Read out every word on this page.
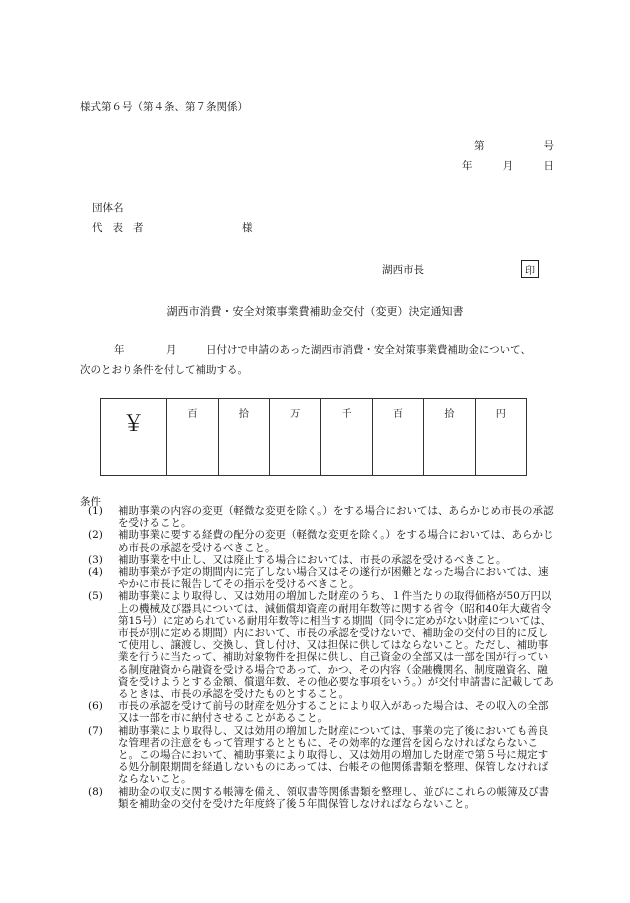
様式第６号（第４条、第７条関係）
第	号
年	月	日
団体名
代表者	様
湖西市長	印
湖西市消費・安全対策事業費補助金交付（変更）決定通知書
年	月	日付けで申請のあった湖西市消費・安全対策事業費補助金について、
次のとおり条件を付して補助する。
￥	百	拾	万	千	百	拾	円
条件
(1) 補助事業の内容の変更（軽微な変更を除く。）をする場合においては、あらかじめ市長の承認を受けること。
(2) 補助事業に要する経費の配分の変更（軽微な変更を除く。）をする場合においては、あらかじめ市長の承認を受けるべきこと。
(3) 補助事業を中止し、又は廃止する場合においては、市長の承認を受けるべきこと。
(4) 補助事業が予定の期間内に完了しない場合又はその遂行が困難となった場合においては、速やかに市長に報告してその指示を受けるべきこと。
(5) 補助事業により取得し、又は効用の増加した財産のうち、１件当たりの取得価格が50万円以上の機械及び器具については、減価償却資産の耐用年数等に関する省令（昭和40年大蔵省令第15号）に定められている耐用年数等に相当する期間（同令に定めがない財産については、市長が別に定める期間）内において、市長の承認を受けないで、補助金の交付の目的に反して使用し、譲渡し、交換し、貸し付け、又は担保に供してはならないこと。ただし、補助事業を行うに当たって、補助対象物件を担保に供し、自己資金の全部又は一部を国が行っている制度融資から融資を受ける場合であって、かつ、その内容（金融機関名、制度融資名、融資を受けようとする金額、償還年数、その他必要な事項をいう。）が交付申請書に記載してあるときは、市長の承認を受けたものとすること。
(6) 市長の承認を受けて前号の財産を処分することにより収入があった場合は、その収入の全部又は一部を市に納付させることがあること。
(7) 補助事業により取得し、又は効用の増加した財産については、事業の完了後においても善良な管理者の注意をもって管理するとともに、その効率的な運営を図らなければならないこと。この場合において、補助事業により取得し、又は効用の増加した財産で第５号に規定する処分制限期間を経過しないものにあっては、台帳その他関係書類を整理、保管しなければならないこと。
(8) 補助金の収支に関する帳簿を備え、領収書等関係書類を整理し、並びにこれらの帳簿及び書類を補助金の交付を受けた年度終了後５年間保管しなければならないこと。
